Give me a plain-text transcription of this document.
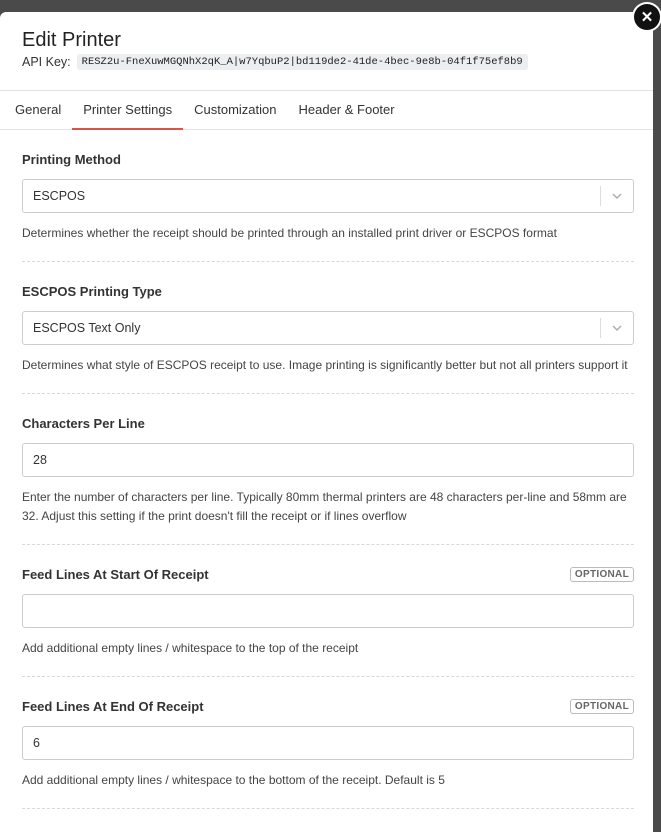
✕
Edit Printer
API Key:	RESZ2u-FneXuwMGQNhX2qK_A|w7YqbuP2|bd119de2-41de-4bec-9e8b-04f1f75ef8b9
General	Printer Settings	Customization	Header & Footer
Printing Method
ESCPOS
Determines whether the receipt should be printed through an installed print driver or ESCPOS format
ESCPOS Printing Type
ESCPOS Text Only
Determines what style of ESCPOS receipt to use. Image printing is significantly better but not all printers support it
Characters Per Line
28
Enter the number of characters per line. Typically 80mm thermal printers are 48 characters per-line and 58mm are 32. Adjust this setting if the print doesn't fill the receipt or if lines overflow
Feed Lines At Start Of Receipt	OPTIONAL
Add additional empty lines / whitespace to the top of the receipt
Feed Lines At End Of Receipt	OPTIONAL
6
Add additional empty lines / whitespace to the bottom of the receipt. Default is 5
